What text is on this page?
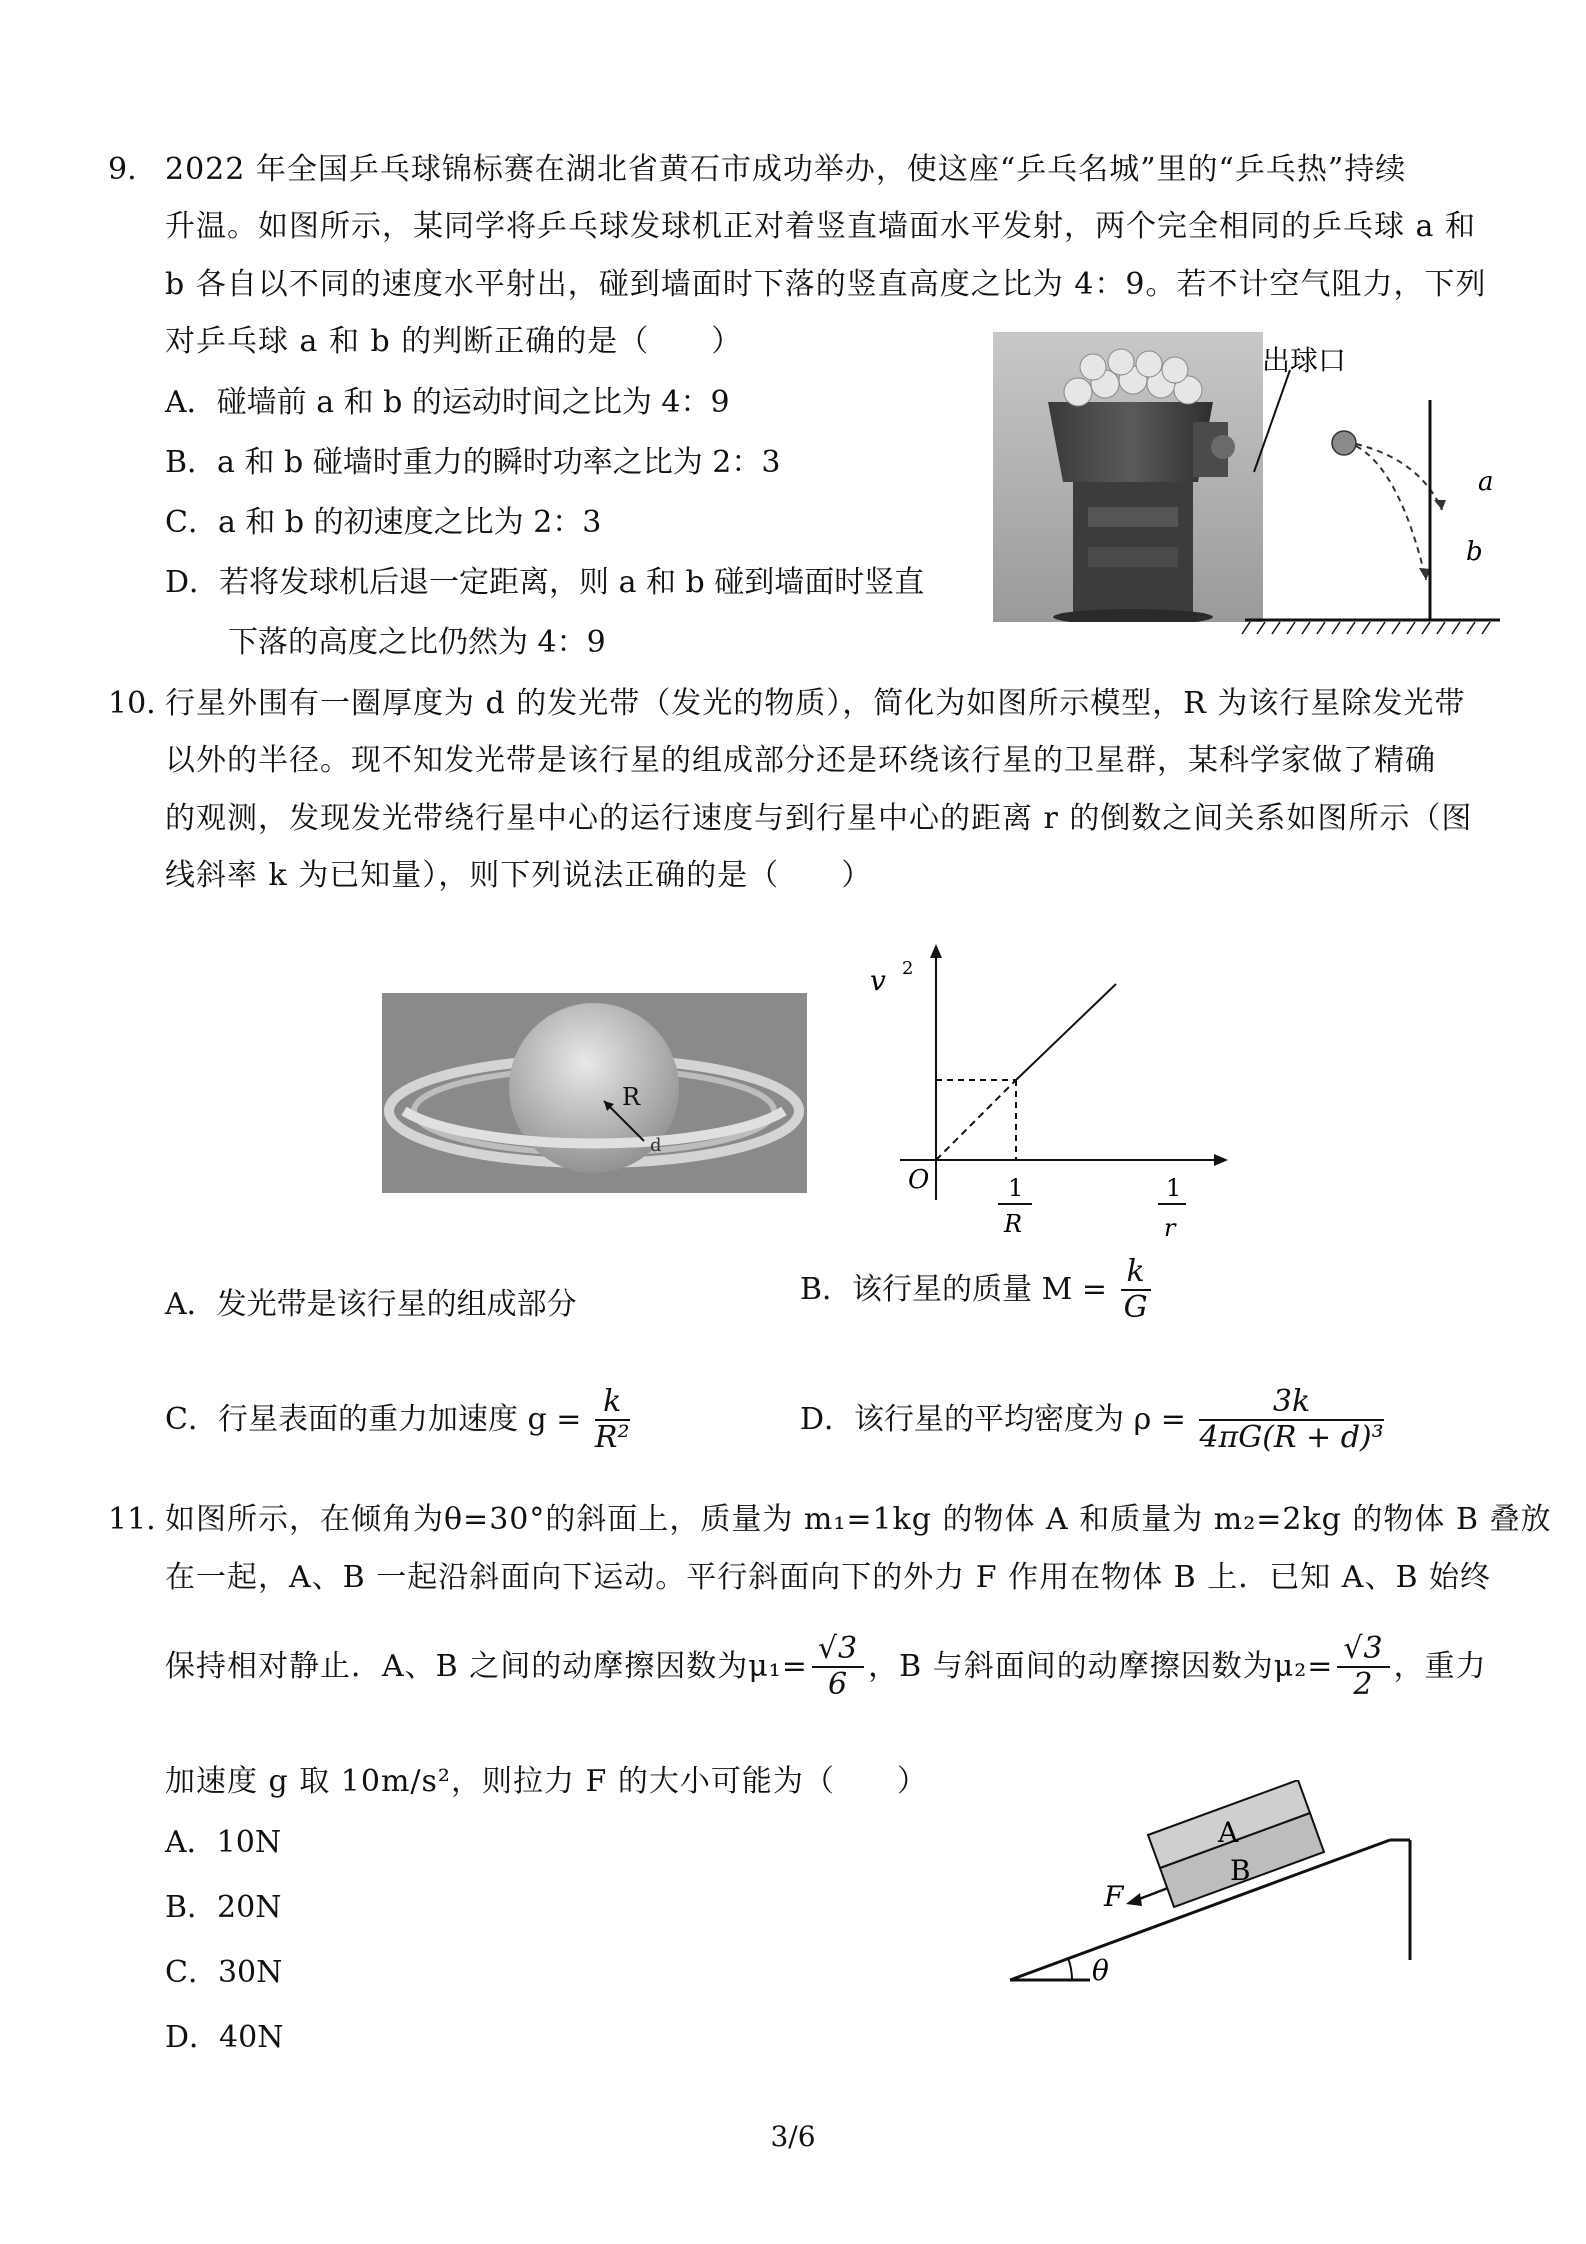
9. 2022 年全国乒乓球锦标赛在湖北省黄石市成功举办，使这座“乒乓名城”里的“乒乓热”持续
升温。如图所示，某同学将乒乓球发球机正对着竖直墙面水平发射，两个完全相同的乒乓球 a 和
b 各自以不同的速度水平射出，碰到墙面时下落的竖直高度之比为 4：9。若不计空气阻力，下列
对乒乓球 a 和 b 的判断正确的是（　　）
A．碰墙前 a 和 b 的运动时间之比为 4：9
B．a 和 b 碰墙时重力的瞬时功率之比为 2：3
C．a 和 b 的初速度之比为 2：3
D．若将发球机后退一定距离，则 a 和 b 碰到墙面时竖直
下落的高度之比仍然为 4：9
出球口
a
b
10. 行星外围有一圈厚度为 d 的发光带（发光的物质），简化为如图所示模型，R 为该行星除发光带
以外的半径。现不知发光带是该行星的组成部分还是环绕该行星的卫星群，某科学家做了精确
的观测，发现发光带绕行星中心的运行速度与到行星中心的距离 r 的倒数之间关系如图所示（图
线斜率 k 为已知量），则下列说法正确的是（　　）
R
d
v 2
O	1
R
1
r
A．发光带是该行星的组成部分	B．该行星的质量 $M = \frac{k}{G}$
C．行星表面的重力加速度 $g = \frac{k}{\text{R²}}$	D．该行星的平均密度为 $\rho = \frac{3k}{\text{4πG(R + d)³}}$
11. 如图所示，在倾角为θ=30°的斜面上，质量为 m₁=1kg 的物体 A 和质量为 m₂=2kg 的物体 B 叠放
在一起，A、B 一起沿斜面向下运动。平行斜面向下的外力 F 作用在物体 B 上．已知 A、B 始终
保持相对静止．A、B 之间的动摩擦因数为$\mu_1= \frac{√3}{6}$ ，B 与斜面间的动摩擦因数为$\mu_2= \frac{√3}{2}$ ，重力
加速度 g 取 10m/s²，则拉力 F 的大小可能为（　　）
A．10N
B．20N
C．30N
D．40N
θ
A
B
F
3/6
